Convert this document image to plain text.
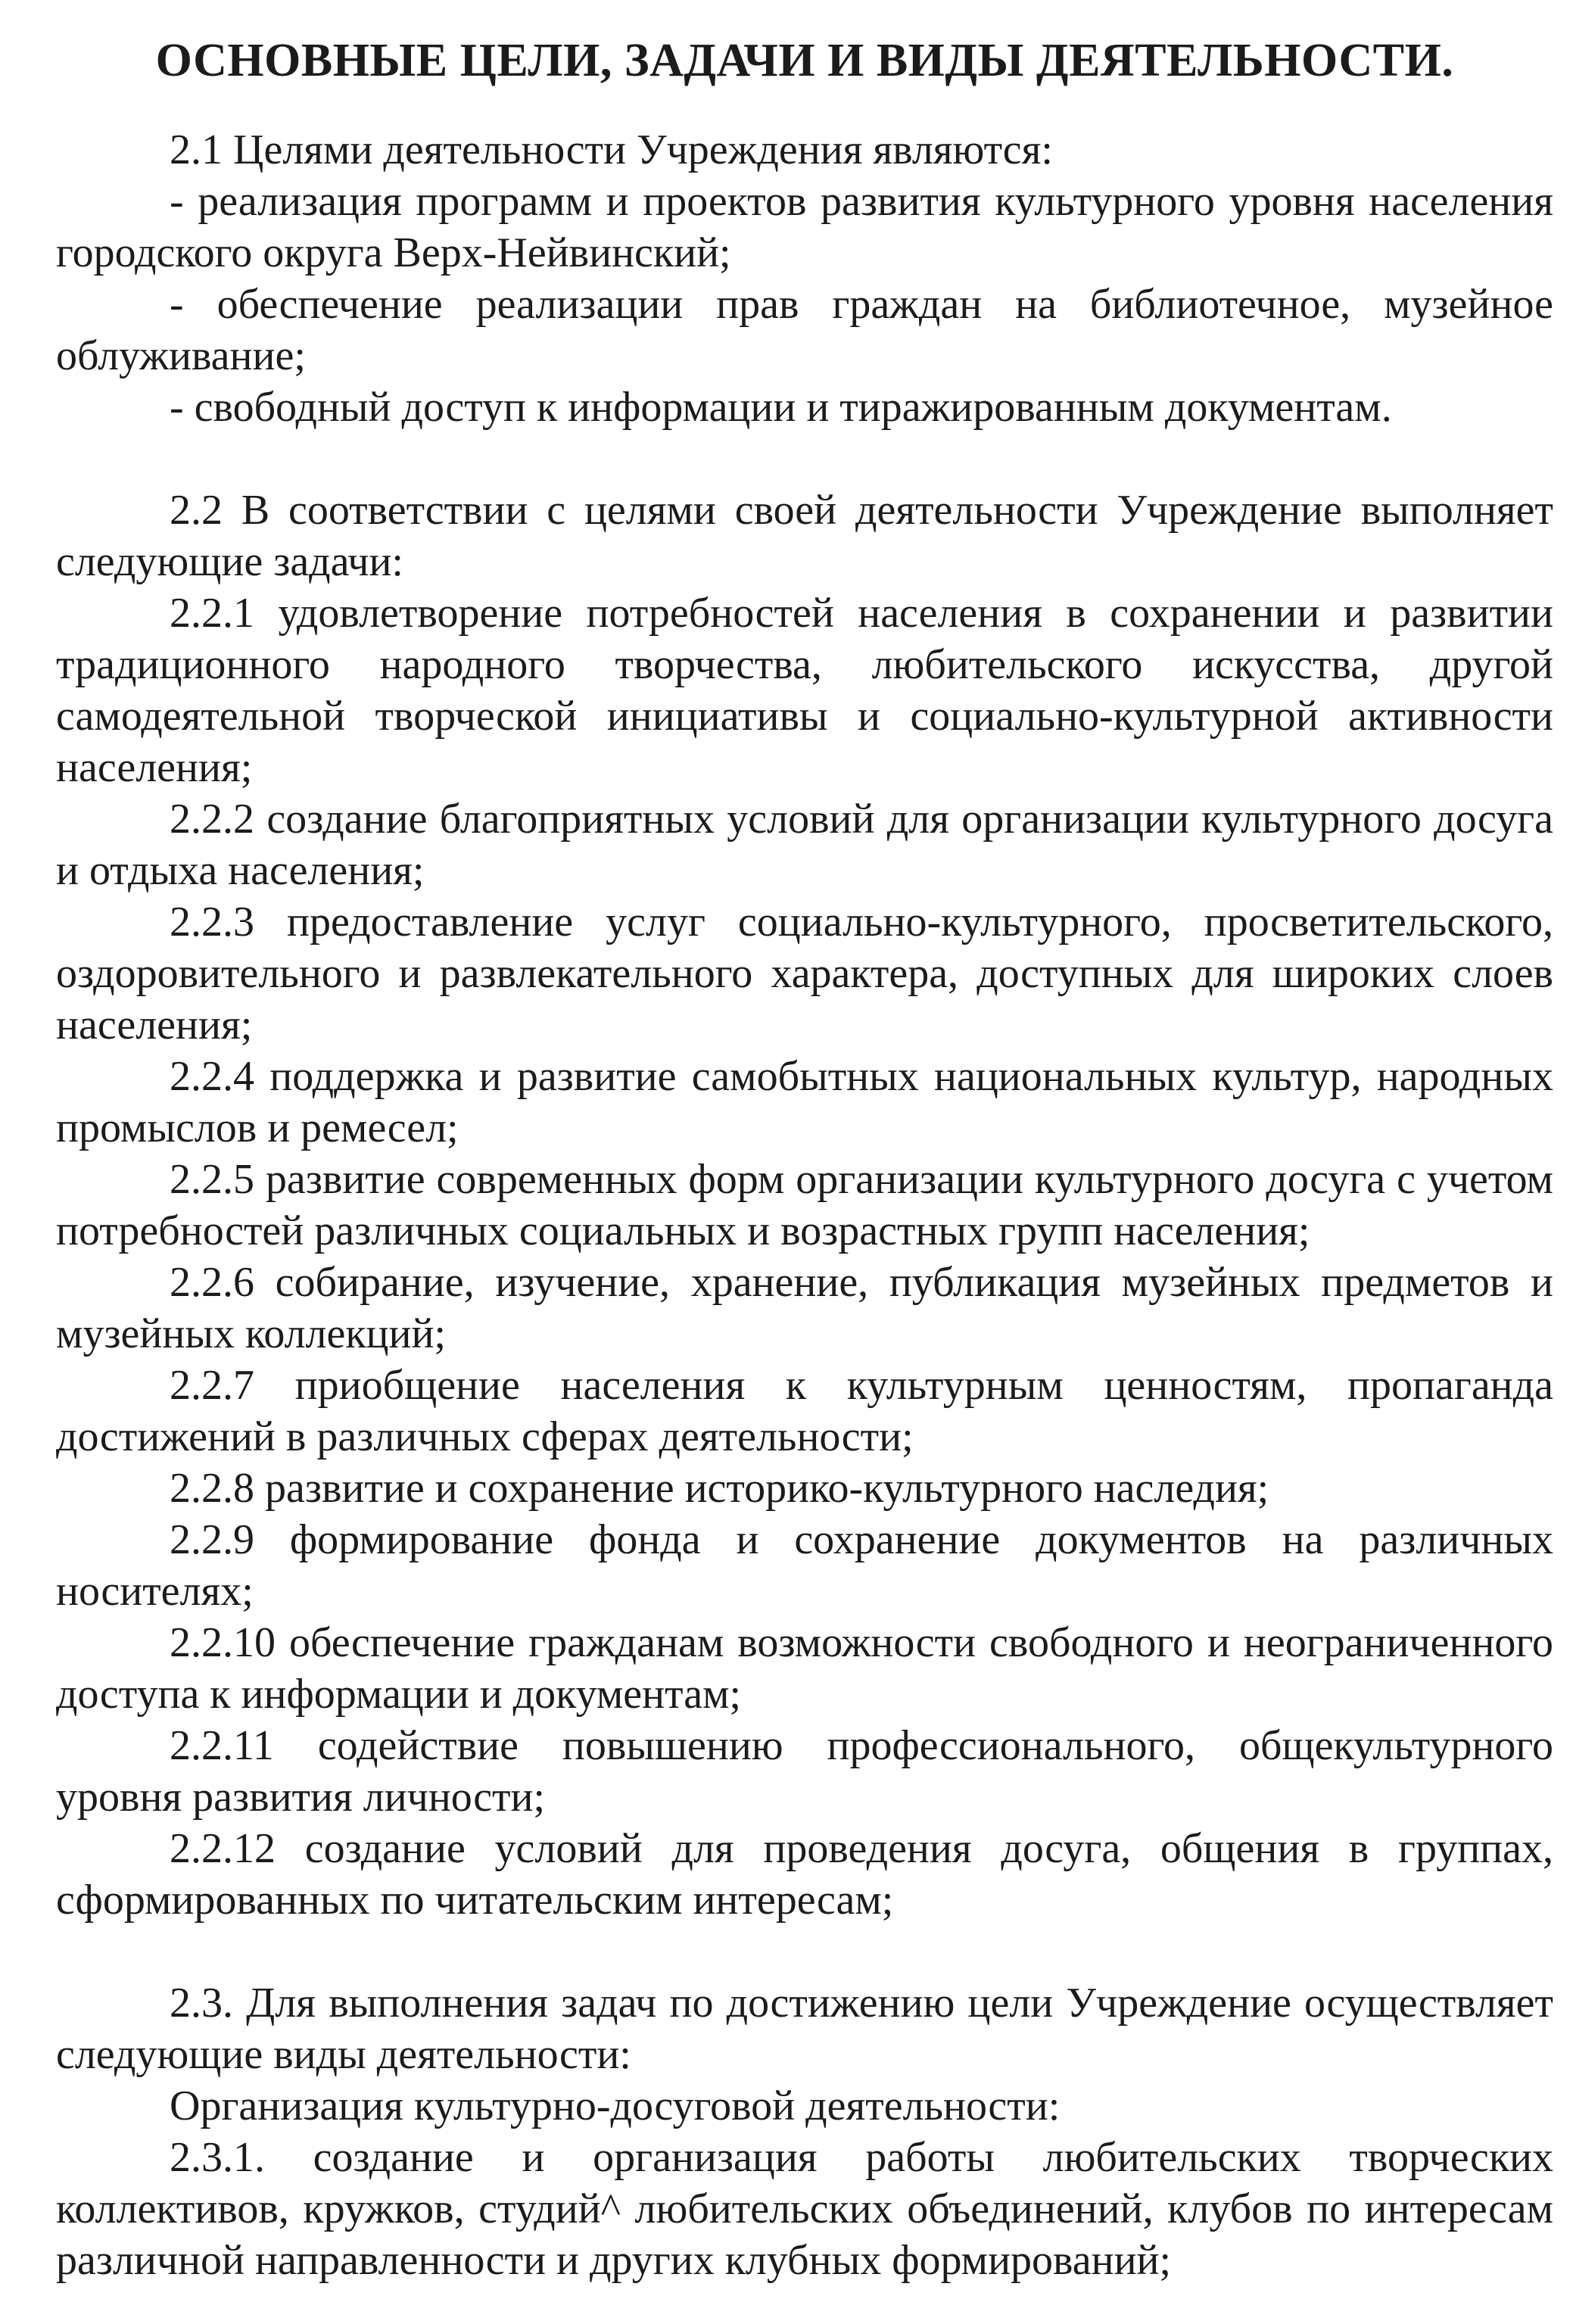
ОСНОВНЫЕ ЦЕЛИ, ЗАДАЧИ И ВИДЫ ДЕЯТЕЛЬНОСТИ.

2.1 Целями деятельности Учреждения являются:

- реализация программ и проектов развития культурного уровня населения городского округа Верх-Нейвинский;

- обеспечение реализации прав граждан на библиотечное, музейное облуживание;

- свободный доступ к информации и тиражированным документам.

2.2 В соответствии с целями своей деятельности Учреждение выполняет следующие задачи:

2.2.1 удовлетворение потребностей населения в сохранении и развитии традиционного народного творчества, любительского искусства, другой самодеятельной творческой инициативы и социально-культурной активности населения;

2.2.2 создание благоприятных условий для организации культурного досуга и отдыха населения;

2.2.3 предоставление услуг социально-культурного, просветительского, оздоровительного и развлекательного характера, доступных для широких слоев населения;

2.2.4 поддержка и развитие самобытных национальных культур, народных промыслов и ремесел;

2.2.5 развитие современных форм организации культурного досуга с учетом потребностей различных социальных и возрастных групп населения;

2.2.6 собирание, изучение, хранение, публикация музейных предметов и музейных коллекций;

2.2.7 приобщение населения к культурным ценностям, пропаганда достижений в различных сферах деятельности;

2.2.8 развитие и сохранение историко-культурного наследия;

2.2.9 формирование фонда и сохранение документов на различных носителях;

2.2.10 обеспечение гражданам возможности свободного и неограниченного доступа к информации и документам;

2.2.11 содействие повышению профессионального, общекультурного уровня развития личности;

2.2.12 создание условий для проведения досуга, общения в группах, сформированных по читательским интересам;

2.3. Для выполнения задач по достижению цели Учреждение осуществляет следующие виды деятельности:

Организация культурно-досуговой деятельности:

2.3.1. создание и организация работы любительских творческих коллективов, кружков, студий^ любительских объединений, клубов по интересам различной направленности и других клубных формирований;
